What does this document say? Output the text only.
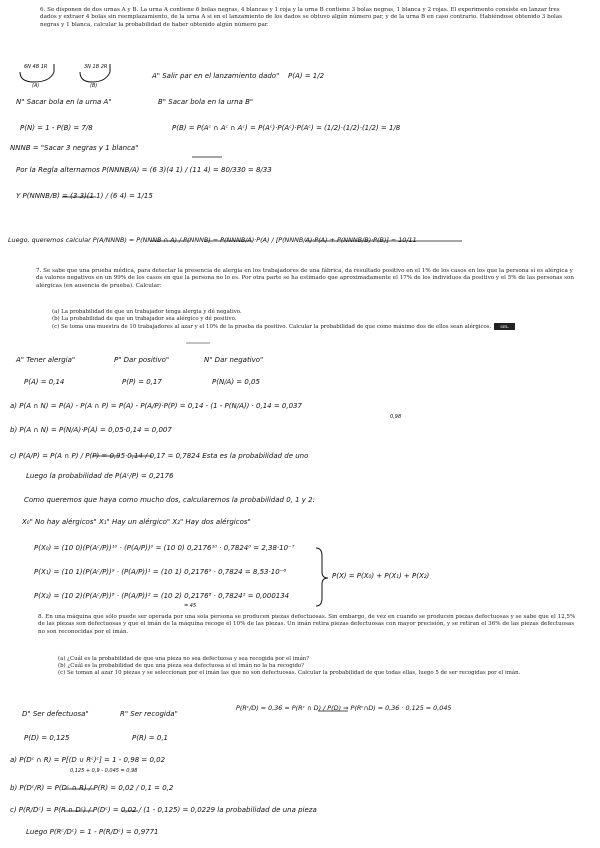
6. Se disponen de dos urnas A y B. La urna A contiene 6 bolas negras, 4 blancas y 1 roja y la urna B contiene 3 bolas negras, 1 blanca y 2 rojas. El experimento consiste en lanzar tres dados y extraer 4 bolas sin reemplazamiento, de la urna A si en el lanzamiento de los dados se obtuvo algún número par, y de la urna B en caso contrario. Habiéndose obtenido 3 bolas negras y 1 blanca, calcular la probabilidad de haber obtenido algún número par.
6N 4B 1R
(A)
3N 1B 2R
(B)
A" Salir par en el lanzamiento dado" P(A) = 1/2
N" Sacar bola en la urna A"	B" Sacar bola en la urna B"
P(N) = 1 - P(B) = 7/8	P(B) = P(Aᶜ ∩ Aᶜ ∩ Aᶜ) = P(Aᶜ)·P(Aᶜ)·P(Aᶜ) = (1/2)·(1/2)·(1/2) = 1/8
NNNB = "Sacar 3 negras y 1 blanca"
Por la Regla alternamos P(NNNB/A) = (6 3)(4 1) / (11 4) = 80/330 = 8/33
Y P(NNNB/B) = (3 3)(1 1) / (6 4) = 1/15
Luego, queremos calcular P(A/NNNB) = P(NNNB ∩ A) / P(NNNB) = P(NNNB/A)·P(A) / [P(NNNB/A)·P(A) + P(NNNB/B)·P(B)] = 10/11
7. Se sabe que una prueba médica, para detectar la presencia de alergia en los trabajadores de una fábrica, da resultado positivo en el 1% de los casos en los que la persona sí es alérgica y da valores negativos en un 99% de los casos en que la persona no lo es. Por otra parte se ha estimado que aproximadamente el 17% de los individuos da positivo y el 5% de las personas son alérgicas (en ausencia de prueba). Calcular:
(a) La probabilidad de que un trabajador tenga alergia y dé negativo.
(b) La probabilidad de que un trabajador sea alérgico y dé positivo.
(c) Se toma una muestra de 10 trabajadores al azar y el 10% de la prueba da positivo. Calcular la probabilidad de que como máximo dos de ellos sean alérgicos. SEL
A" Tener alergia"	P" Dar positivo"	N" Dar negativo"
P(A) = 0,14	P(P) = 0,17	P(N/A) = 0,05
a) P(A ∩ N) = P(A) - P(A ∩ P) = P(A) - P(A/P)·P(P) = 0,14 - (1 - P(N/A)) · 0,14 = 0,037
0,98
b) P(A ∩ N) = P(N/A)·P(A) = 0,05·0,14 = 0,007
c) P(A/P) = P(A ∩ P) / P(P) = 0,95·0,14 / 0,17 = 0,7824 Esta es la probabilidad de uno
Luego la probabilidad de P(Aᶜ/P) = 0,2176
Como queremos que haya como mucho dos, calcularemos la probabilidad 0, 1 y 2:
X₀" No hay alérgicos" X₁" Hay un alérgico" X₂" Hay dos alérgicos"
P(X₀) = (10 0)(P(Aᶜ/P))¹⁰ · (P(A/P))⁰ = (10 0) 0,2176¹⁰ · 0,7824⁰ = 2,38·10⁻⁷
P(X₁) = (10 1)(P(Aᶜ/P))⁹ · (P(A/P))¹ = (10 1) 0,2176⁹ · 0,7824 = 8,53·10⁻⁶
P(X₂) = (10 2)(P(Aᶜ/P))⁸ · (P(A/P))² = (10 2) 0,2176⁸ · 0,7824² = 0,000134
= 45
P(X) = P(X₀) + P(X₁) + P(X₂)
8. En una máquina que sólo puede ser operada por una sola persona se producen piezas defectuosas. Sin embargo, de vez en cuando se producen piezas defectuosas y se sabe que el 12,5% de las piezas son defectuosas y que el imán de la máquina recoge el 10% de las piezas. Un imán retira piezas defectuosas con mayor precisión, y se retiran el 36% de las piezas defectuosas no son reconocidas por el imán.
(a) ¿Cuál es la probabilidad de que una pieza no sea defectuosa y sea recogida por el imán?
(b) ¿Cuál es la probabilidad de que una pieza sea defectuosa si el imán no la ha recogido?
(c) Se toman al azar 10 piezas y se seleccionan por el imán las que no son defectuosas. Calcular la probabilidad de que todas ellas, luego 5 de ser recogidas por el imán.
D" Ser defectuosa"	R" Ser recogida"
P(Rᶜ/D) = 0,36 = P(Rᶜ ∩ D) / P(D) ⇒ P(Rᶜ∩D) = 0,36 · 0,125 = 0,045
P(D) = 0,125	P(R) = 0,1
a) P(Dᶜ ∩ R) = P[(D ∪ Rᶜ)ᶜ] = 1 - 0,98 = 0,02
0,125 + 0,9 - 0,045 = 0,98
b) P(Dᶜ/R) = P(Dᶜ ∩ R) / P(R) = 0,02 / 0,1 = 0,2
c) P(R/Dᶜ) = P(R ∩ Dᶜ) / P(Dᶜ) = 0,02 / (1 - 0,125) = 0,0229 la probabilidad de una pieza
Luego P(Rᶜ/Dᶜ) = 1 - P(R/Dᶜ) = 0,9771
